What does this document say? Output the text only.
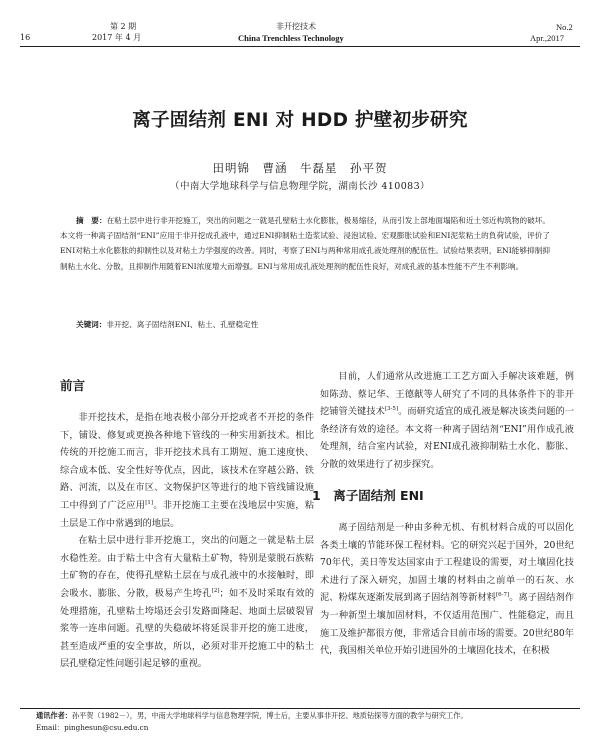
16
第 2 期
2017 年 4 月
非开挖技术
China Trenchless Technology
No.2
Apr.,2017
离子固结剂 ENI 对 HDD 护壁初步研究
田明锦　曹涵　牛磊星　孙平贺
（中南大学地球科学与信息物理学院，湖南长沙 410083）

摘　要：在粘土层中进行非开挖施工，突出的问题之一就是孔壁粘土水化膨胀，极易缩径，从而引发上部地面塌陷和近土邻近构筑物的破坏。本文将一种离子固结剂“ENI”应用于非开挖成孔液中，通过ENI抑制粘土造浆试验、浸泡试验、宏观膨胀试验和ENI泥浆粘土的負荷试验，评价了ENI对粘土水化膨胀的抑制性以及对粘土力学强度的改善。同时，考察了ENI与两种常用成孔液处理剂的配伍性。试验结果表明，ENI能够抑制抑制粘土水化、分散，且抑制作用随着ENI浓度增大而增强。ENI与常用成孔液处理剂的配伍性良好，对成孔液的基本性能不产生不利影响。

关键词：非开挖、离子固结剂ENI、粘土、孔壁稳定性

前言

非开挖技术，是指在地表极小部分开挖或者不开挖的条件下，铺设、修复或更换各种地下管线的一种实用新技术。相比传统的开挖施工而言，非开挖技术具有工期短、施工速度快、综合成本低、安全性好等优点，因此，该技术在穿越公路、铁路、河流，以及在市区、文物保护区等进行的地下管线铺设施工中得到了广泛应用[1]。非开挖施工主要在浅地层中实施，粘土层是工作中常遇到的地层。

在粘土层中进行非开挖施工，突出的问题之一就是粘土层水稳性差。由于粘土中含有大量粘土矿物，特别是蒙脱石族粘土矿物的存在，使得孔壁粘土层在与成孔液中的水接触时，即会吸水、膨胀、分散，极易产生垮孔[2]；如不及时采取有效的处理措施，孔壁粘土垮塌还会引发路面隆起、地面土层破裂冒浆等一连串问题。孔壁的失稳破坏将延误非开挖的施工进度，甚至造成严重的安全事故，所以，必须对非开挖施工中的粘土层孔壁稳定性问题引起足够的重视。

目前，人们通常从改进施工工艺方面入手解决该难题，例如陈劲、蔡记华、王德献等人研究了不同的具体条件下的非开挖铺管关键技术[3-5]。而研究适宜的成孔液是解决该类问题的一条经济有效的途径。本文将一种离子固结剂“ENI”用作成孔液处理剂，结合室内试验，对ENI成孔液抑制粘土水化、膨胀、分散的效果进行了初步探究。

1　离子固结剂 ENI

离子固结剂是一种由多种无机、有机材料合成的可以固化各类土壤的节能环保工程材料。它的研究兴起于国外，20世纪70年代，美日等发达国家由于工程建设的需要，对土壤固化技术进行了深入研究，加固土壤的材料由之前单一的石灰、水泥、粉煤灰逐渐发展到离子固结剂等新材料[6-7]。离子固结剂作为一种新型土壤加固材料，不仅适用范围广、性能稳定，而且施工及维护都很方便，非常适合目前市场的需要。20世纪80年代，我国相关单位开始引进国外的土壤固化技术，在积极

通讯作者：孙平贺（1982－），男，中南大学地球科学与信息物理学院，博士后，主要从事非开挖、地质钻探等方面的教学与研究工作。
Email：pinghesun@csu.edu.cn
